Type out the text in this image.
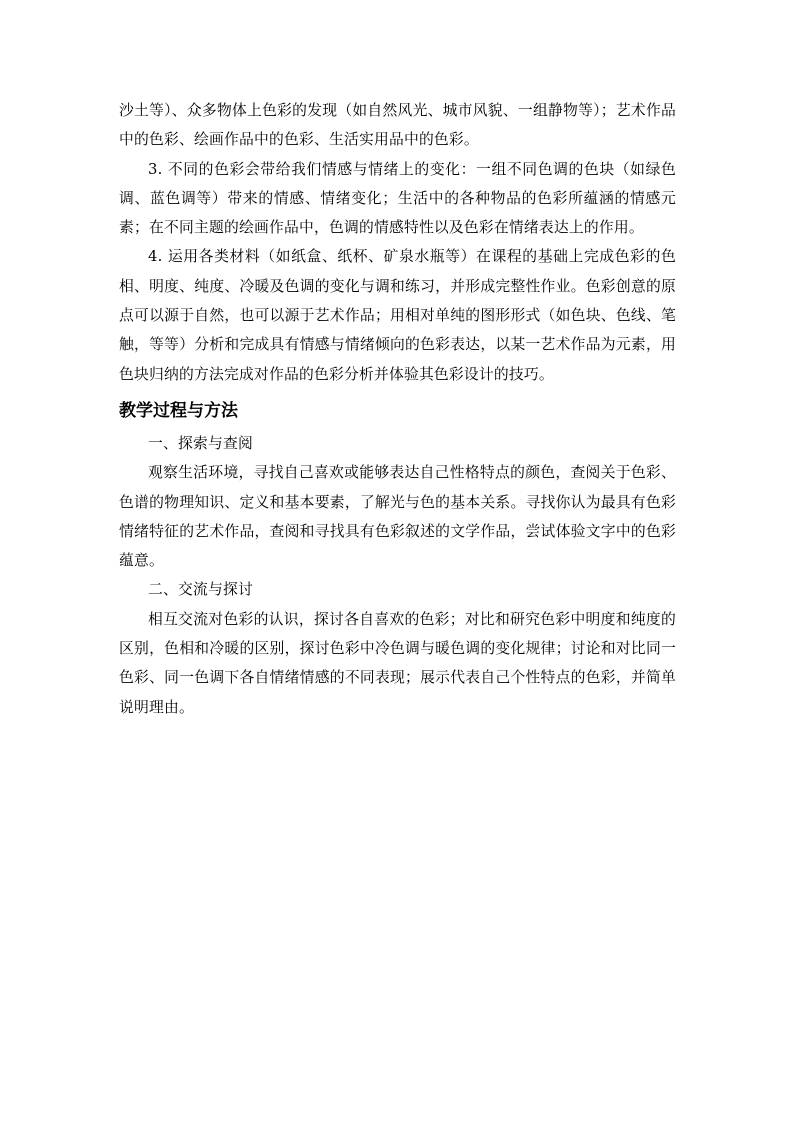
沙土等）、众多物体上色彩的发现（如自然风光、城市风貌、一组静物等）；艺术作品中的色彩、绘画作品中的色彩、生活实用品中的色彩。

3. 不同的色彩会带给我们情感与情绪上的变化：一组不同色调的色块（如绿色调、蓝色调等）带来的情感、情绪变化；生活中的各种物品的色彩所蕴涵的情感元素；在不同主题的绘画作品中，色调的情感特性以及色彩在情绪表达上的作用。

4. 运用各类材料（如纸盒、纸杯、矿泉水瓶等）在课程的基础上完成色彩的色相、明度、纯度、冷暖及色调的变化与调和练习，并形成完整性作业。色彩创意的原点可以源于自然，也可以源于艺术作品；用相对单纯的图形形式（如色块、色线、笔触，等等）分析和完成具有情感与情绪倾向的色彩表达，以某一艺术作品为元素，用色块归纳的方法完成对作品的色彩分析并体验其色彩设计的技巧。

教学过程与方法

一、探索与查阅

观察生活环境，寻找自己喜欢或能够表达自己性格特点的颜色，查阅关于色彩、色谱的物理知识、定义和基本要素，了解光与色的基本关系。寻找你认为最具有色彩情绪特征的艺术作品，查阅和寻找具有色彩叙述的文学作品，尝试体验文字中的色彩蕴意。

二、交流与探讨

相互交流对色彩的认识，探讨各自喜欢的色彩；对比和研究色彩中明度和纯度的区别，色相和冷暖的区别，探讨色彩中冷色调与暖色调的变化规律；讨论和对比同一色彩、同一色调下各自情绪情感的不同表现；展示代表自己个性特点的色彩，并简单说明理由。
